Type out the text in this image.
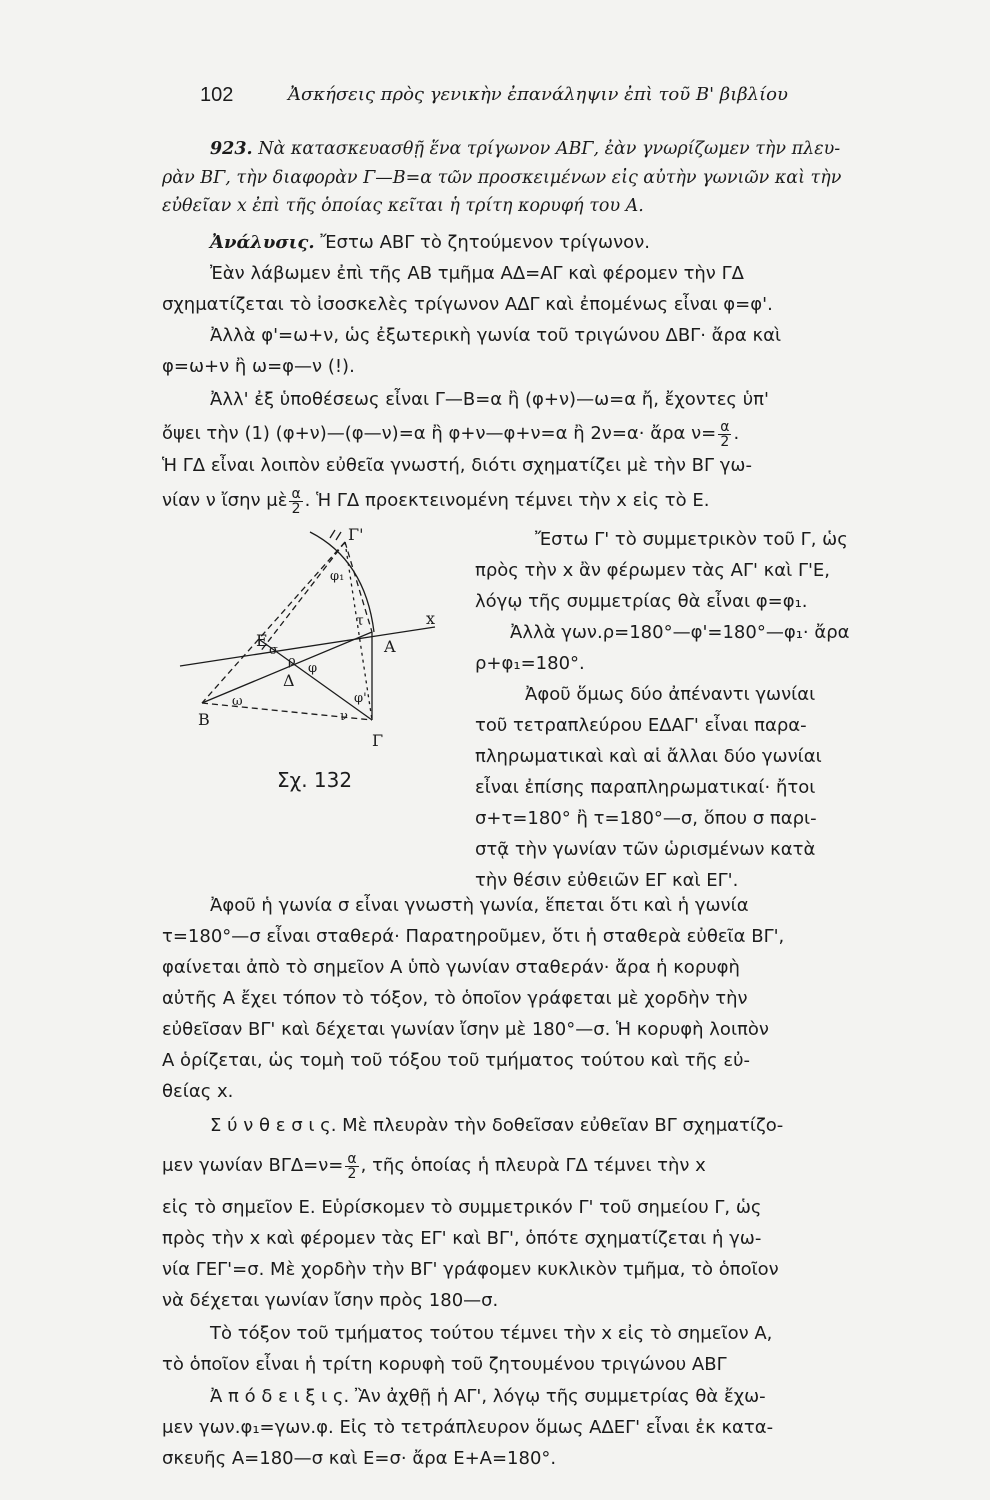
102	Ἀσκήσεις πρὸς γενικὴν ἐπανάληψιν ἐπὶ τοῦ Β' βιβλίου
923. Νὰ κατασκευασθῇ ἕνα τρίγωνον ΑΒΓ, ἐὰν γνωρίζωμεν τὴν πλευ-
ρὰν ΒΓ, τὴν διαφορὰν Γ—Β=α τῶν προσκειμένων εἰς αὐτὴν γωνιῶν καὶ τὴν
εὐθεῖαν x ἐπὶ τῆς ὁποίας κεῖται ἡ τρίτη κορυφή του Α.
Ἀνάλυσις. Ἔστω ΑΒΓ τὸ ζητούμενον τρίγωνον.
Ἐὰν λάβωμεν ἐπὶ τῆς ΑΒ τμῆμα ΑΔ=ΑΓ καὶ φέρομεν τὴν ΓΔ
σχηματίζεται τὸ ἰσοσκελὲς τρίγωνον ΑΔΓ καὶ ἐπομένως εἶναι φ=φ'.
Ἀλλὰ φ'=ω+ν, ὡς ἐξωτερικὴ γωνία τοῦ τριγώνου ΔΒΓ· ἄρα καὶ
φ=ω+ν ἢ ω=φ—ν (!).
Ἀλλ' ἐξ ὑποθέσεως εἶναι Γ—Β=α ἢ (φ+ν)—ω=α ἤ, ἔχοντες ὑπ'
ὄψει τὴν (1) (φ+ν)—(φ—ν)=α ἢ φ+ν—φ+ν=α ἢ 2ν=α· ἄρα $\nu= \frac{\alpha}{2}$ .
Ἡ ΓΔ εἶναι λοιπὸν εὐθεῖα γνωστή, διότι σχηματίζει μὲ τὴν ΒΓ γω-
νίαν ν ἴσην μὲ $\frac{\alpha}{2}$ . Ἡ ΓΔ προεκτεινομένη τέμνει τὴν x εἰς τὸ Ε.
Ἔστω Γ' τὸ συμμετρικὸν τοῦ Γ, ὡς
πρὸς τὴν x ἂν φέρωμεν τὰς ΑΓ' καὶ Γ'Ε,
λόγῳ τῆς συμμετρίας θὰ εἶναι φ=φ₁.
Ἀλλὰ γων.ρ=180°—φ'=180°—φ₁· ἄρα
ρ+φ₁=180°.
Ἀφοῦ ὅμως δύο ἀπέναντι γωνίαι
τοῦ τετραπλεύρου ΕΔΑΓ' εἶναι παρα-
πληρωματικαὶ καὶ αἱ ἄλλαι δύο γωνίαι
εἶναι ἐπίσης παραπληρωματικαί· ἤτοι
σ+τ=180° ἢ τ=180°—σ, ὅπου σ παρι-
στᾷ τὴν γωνίαν τῶν ὡρισμένων κατὰ
τὴν θέσιν εὐθειῶν ΕΓ καὶ ΕΓ'.
Γ'
φ₁
τ	x
Α
Ε
σ
ρ
Δ
φ
ω
Β
φ'
ν
Γ
Σχ. 132
Ἀφοῦ ἡ γωνία σ εἶναι γνωστὴ γωνία, ἕπεται ὅτι καὶ ἡ γωνία
τ=180°—σ εἶναι σταθερά· Παρατηροῦμεν, ὅτι ἡ σταθερὰ εὐθεῖα ΒΓ',
φαίνεται ἀπὸ τὸ σημεῖον Α ὑπὸ γωνίαν σταθεράν· ἄρα ἡ κορυφὴ
αὐτῆς Α ἔχει τόπον τὸ τόξον, τὸ ὁποῖον γράφεται μὲ χορδὴν τὴν
εὐθεῖσαν ΒΓ' καὶ δέχεται γωνίαν ἴσην μὲ 180°—σ. Ἡ κορυφὴ λοιπὸν
Α ὁρίζεται, ὡς τομὴ τοῦ τόξου τοῦ τμήματος τούτου καὶ τῆς εὐ-
θείας x.
Σ ύ ν θ ε σ ι ς. Μὲ πλευρὰν τὴν δοθεῖσαν εὐθεῖαν ΒΓ σχηματίζο-
μεν γωνίαν $B\Gamma\Delta=\nu= \frac{\alpha}{2}$ , τῆς ὁποίας ἡ πλευρὰ ΓΔ τέμνει τὴν x
εἰς τὸ σημεῖον Ε. Εὑρίσκομεν τὸ συμμετρικόν Γ' τοῦ σημείου Γ, ὡς
πρὸς τὴν x καὶ φέρομεν τὰς ΕΓ' καὶ ΒΓ', ὁπότε σχηματίζεται ἡ γω-
νία ΓΕΓ'=σ. Μὲ χορδὴν τὴν ΒΓ' γράφομεν κυκλικὸν τμῆμα, τὸ ὁποῖον
νὰ δέχεται γωνίαν ἴσην πρὸς 180—σ.
Τὸ τόξον τοῦ τμήματος τούτου τέμνει τὴν x εἰς τὸ σημεῖον Α,
τὸ ὁποῖον εἶναι ἡ τρίτη κορυφὴ τοῦ ζητουμένου τριγώνου ΑΒΓ
Ἀ π ό δ ε ι ξ ι ς. Ἂν ἀχθῇ ἡ ΑΓ', λόγῳ τῆς συμμετρίας θὰ ἔχω-
μεν γων.φ₁=γων.φ. Εἰς τὸ τετράπλευρον ὅμως ΑΔΕΓ' εἶναι ἐκ κατα-
σκευῆς Α=180—σ καὶ Ε=σ· ἄρα Ε+Α=180°.
